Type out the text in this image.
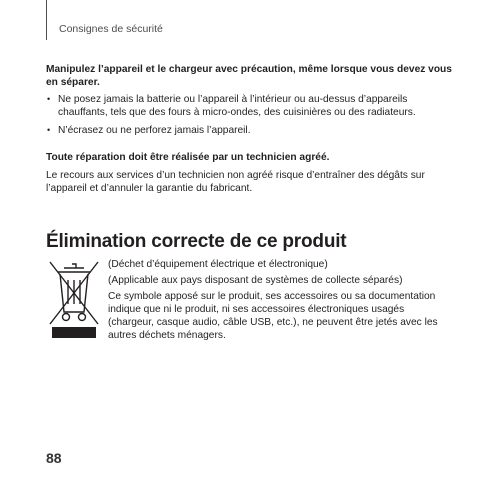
Consignes de sécurité

Manipulez l’appareil et le chargeur avec précaution, même lorsque vous devez vous en séparer.

• Ne posez jamais la batterie ou l’appareil à l’intérieur ou au-dessus d’appareils chauffants, tels que des fours à micro-ondes, des cuisinières ou des radiateurs.
• N’écrasez ou ne perforez jamais l’appareil.

Toute réparation doit être réalisée par un technicien agréé.

Le recours aux services d’un technicien non agréé risque d’entraîner des dégâts sur l’appareil et d’annuler la garantie du fabricant.

Élimination correcte de ce produit

(Déchet d’équipement électrique et électronique)

(Applicable aux pays disposant de systèmes de collecte séparés)

Ce symbole apposé sur le produit, ses accessoires ou sa documentation indique que ni le produit, ni ses accessoires électroniques usagés (chargeur, casque audio, câble USB, etc.), ne peuvent être jetés avec les autres déchets ménagers.

88
